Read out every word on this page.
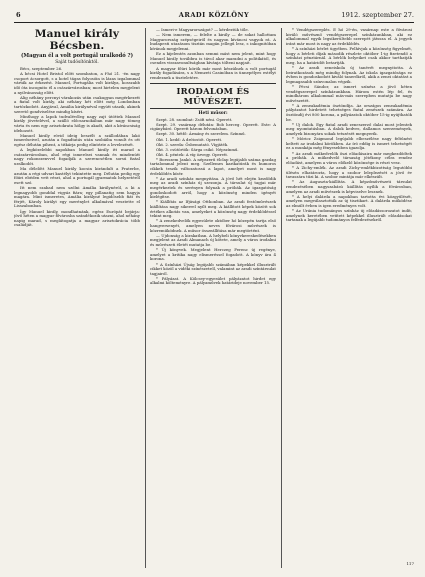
6	ARADI KÖZLÖNY	1912. szeptember 27.
Manuel király Bécsben.
(Magyan él a volt portugál uralkodó ?)
Saját tudósítónktól.

Bécs, szeptember 26.

A bécsi Hotel Bristol előtt szombaton, a f-hó 21. -én nagy csoport ácsorgott, s a hotel tágas folyosóin is lázas izgalommal várták az érkezést. Manuel, Portugália volt királya, hosszabb idő óta incognito él a császárvárosban; most hirtelen megjelent a nyilvánosság előtt.

Alig néhány percnyi várakozás után csakugyan megérkezett a fiatal volt király, aki néhány hét előtt még Londonban tartózkodott. Anyjával, Amália királynéval együtt utazik, akinek szerető gondviselése mindig kíséri.

Minthogy a lapok tudvalévőleg nagy zajt ütöttek Manuel király jövetelével, a szálló előcsarnokában már nagy tömeg várta és nem egy arisztokrata hölgy is akadt, akit a kíváncsiság idehozott.

Manuel király rövid ideig beszélt a szállodában lakó ismerőseivel, azután a fogadtatás után szobáiba vonult és ott egész délután pihent, a titkárja pedig elintézte a levelezését.

A legközelebbi napokban Manuel király itt marad a császárvárosban, ahol régi ismerősei vannak és mindenütt nagy rokonszenvvel fogadják a szerencsétlen sorsú fiatal uralkodót.

Ma délelőtt Manuel király kocsin kirándult a Praterbe, azután a régi udvari kastélyt tekintette meg. Délután pedig egy főúri ebéden vett részt, ahol a portugál gyarmatok helyzetéről esett szó.

Itt nem szabad nem szólni Amália királynéról, a ki a legnagyobb gonddal vigyáz fiára; egy pillanatig sem hagyja magára. Mint ismeretes, Amália királyné legidősebb fiát és férjét, Károly királyt egy merénylet alkalmával vesztette el Lisszabonban.

Így Manuel király, mondhatnánk, egész Európát bejárja: jövő héten a magyar fővárosba szándékozik utazni, ahol néhány napig marad, s meglátogatja a magyar arisztokrácia több családját.

— Ismeri-e Magyarországot? — kérdeztük tőle.

— Nem ismerem, — felelte a király — de sokat hallottam Magyarország szépségeiről és nagyon kíváncsi vagyok rá. A budapesti utazásom tisztán magán jellegű lesz, s inkognitóban kívánok megjelenni.

Ez a kijelentés azonban semmi mást nem jelent, mint hogy Manuel király továbbra is távol akar maradni a politikától, és csendes visszavonultságban kívánja tölteni napjait.

A magyar főúri körök már most készülnek a volt portugál király fogadására, s a Nemzeti Casinóban is ünnepélyes estélyt rendeznek a tiszteletére.

IRODALOM ÉS MŰVÉSZET.
Heti műsor:

Szept. 28. szombat: Zsófi néni. Operett.

Szept. 29. vasárnap délután: Bob herceg. Operett. Este: A cigánybáró. Operett három felvonásban.

Szept. 30. hétfő: Ármány és szerelem. Színmű.

Okt. 1. kedd: A drótostót. Operett.

Okt. 2. szerda: Ősbemutató. Vígjáték.

Okt. 3. csütörtök: Sárga csikó. Népszínmű.

Okt. 4. péntek: A víg özvegy. Operett.

* Borsszem Jankó. A népszerű élclap legújabb száma gazdag tartalommal jelent meg. Szellemes karikatúrák és humoros cikkek teszik változatossá a lapot, amelyet most is nagy érdeklődés kísér.

* Az aradi színház megnyitása. A jövő hét elején kezdődik meg az aradi színház új szezonja. A társulat új tagjai már megérkeztek és serényen folynak a próbák. Az igazgatóság gondoskodott arról, hogy a közönség minden igényét kielégítse.

* Kiállítás az Ifjúsági Otthonban. Az aradi festőművészek kiállítása nagy sikerrel nyílt meg. A kiállított képek között sok értékes alkotás van, amelyeket a közönség nagy érdeklődéssel tekint meg.

* A zenekedvelők egyesülete október hó közepén tartja első hangversenyét, amelyen neves fővárosi művészek is közreműködnek. A műsor összeállítása már megtörtént.

— Ujdonság a kirakatban. A helybeli könyvkereskedésekben megjelent az Aradi Almanach új kötete, amely a város irodalmi és művészeti életét mutatja be.

* Új könyvek. Megjelent Herczeg Ferenc új regénye, amelyet a kritika nagy elismeréssel fogadott. A könyv ára 4 korona.

* A Színházi Újság legújabb számában képekkel illusztrált cikket közöl a vidéki színészetről, valamint az aradi színtársulat tagjairól.

* Pályázat. A Kölcsey-egyesület pályázatot hirdet egy alkalmi költeményre. A pályaművek határideje november 15.

* Vendégszereplés. E hó 29-én, vasárnap este a fővárosi kiváló művésznő vendégszerepel színházunkban, aki ez alkalommal egyik legsikerültebb szerepét játssza el. A jegyek iránt már most is nagy az érdeklődés.

* A színházi bérlet ügyében. Felhívjuk a közönség figyelmét, hogy a bérleti díjak második részlete október 1-ig fizetendő a színházi pénztárnál. A bérlők helyeiket csak akkor tarthatják meg, ha a határidőt betartják.

* Az aradi zeneiskola új tanévét megnyitotta. A beiratkozások még mindig folynak. Az iskola igazgatósága ez évben is gondoskodott kiváló tanerőkről, akik a zenei oktatást a legmagasabb színvonalon végzik.

* Pécsi Sándor, az ismert színész a jövő héten vendégszerepel színházunkban. Három estén lép fel, és mindhárom alkalommal más-más szerepben mutatja be nagy művészetét.

* A zeneakadémia ösztöndíja. Az országos zeneakadémia pályázatot hirdetett tehetséges fiatal zenészek számára. Az ösztöndíj évi 800 korona, a pályázatok október 15-ig nyújthatók be.

* Uj dalok. Egy fiatal aradi zeneszerző dalai most jelentek meg nyomtatásban. A dalok kedves, dallamos szerzemények, amelyek bizonyára sokak tetszését megnyerik.

* Móricz Zsigmond legújabb elbeszélése nagy feltűnést keltett az irodalmi körökben. Az író eddig is ismert tehetségét ez a munkája még fényesebben igazolja.

* Az aradi műkedvelők őszi előadásaira már megkezdődtek a próbák. A műkedvelő társaság jótékony célra rendez előadást, amelyen a város előkelő közönsége is részt vesz.

* A Zichy-emlék. Az aradi Zichy-emlékbizottság legutóbbi ülésén elhatározta, hogy a szobor leleplezését a jövő év tavaszára tűzi ki. A szobor mintája már elkészült.

* Az Auguszta-kiállítás. A képzőművészeti társulat rendezésében nagyszabású kiállítás nyílik a fővárosban, amelyen az aradi művészek is képviselve lesznek.

* A helyi dalárda a napokban tartotta évi közgyűlését, amelyen megválasztották az új tisztikart. A dalárda működése az elmúlt évben is igen eredményes volt.

* Az Uránia tudományos színház új előadássorozatot indít, amelynek keretében vetített képekkel illusztrált előadásokat tartanak a legújabb tudományos felfedezésekről.

117
